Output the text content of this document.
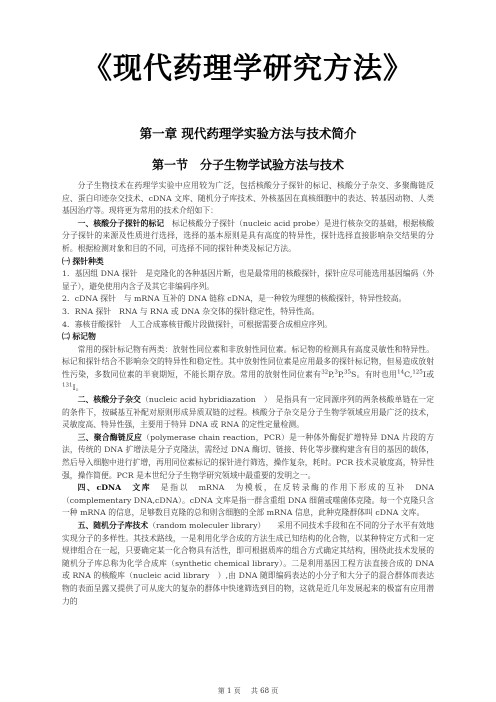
《现代药理学研究方法》
第一章 现代药理学实验方法与技术简介
第一节　分子生物学试验方法与技术

分子生物技术在药理学实验中应用较为广泛，包括核酸分子探针的标记、核酸分子杂交、多聚酶链反应、蛋白印迹杂交技术、cDNA 文库、随机分子库技术、外核基因在真核细胞中的表达、转基因动物、人类基因治疗等。现将更为常用的技术介绍如下：

一、核酸分子探针的标记　标记核酸分子探针（nucleic acid probe）是进行核杂交的基础，根据核酸分子探针的来源及性质进行选择，选择的基本原则是具有高度的特异性，探针选择直接影响杂交结果的分析。根据检测对象和目的不同，可选择不同的探针种类及标记方法。

㈠ 探针种类

1．基因组 DNA 探针　是克隆化的各种基因片断，也是最常用的核酸探针，探针应尽可能选用基因编码（外显子），避免使用内含子及其它非编码序列。

2．cDNA 探针　与 mRNA 互补的 DNA 链称 cDNA，是一种较为理想的核酸探针，特异性较高。

3．RNA 探针　RNA 与 RNA 或 DNA 杂交体的探针稳定性，特异性高。

4．寡核苷酸探针　人工合成寡核苷酸片段做探针，可根据需要合成相应序列。

㈡ 标记物

常用的探针标记物有两类：放射性同位素和非放射性同位素。标记物的检测具有高度灵敏性和特异性。标记和探针结合不影响杂交的特异性和稳定性。其中放射性同位素是应用最多的探针标记物，但易造成放射性污染，多数同位素的半衰期短，不能长期存放。常用的放射性同位素有$^{32}$P,$^3$P,$^{35}$S。有时也用$^{14}$C,$^{125}$I或$^{131}$I。

二、核酸分子杂交（nucleic acid hybridiazation　）　是指具有一定同源序列的两条核酸单链在一定的条件下，按碱基互补配对原则形成异质双链的过程。核酸分子杂交是分子生物学领域应用最广泛的技术，灵敏度高、特异性强，主要用于特异 DNA 或 RNA 的定性定量检测。

三、聚合酶链反应（polymerase chain reaction，PCR）是一种体外酶促扩增特异 DNA 片段的方法，传统的 DNA 扩增法是分子克隆法，需经过 DNA 酶切、链接、转化等步骤构建含有目的基因的载体，然后导入细胞中进行扩增，再用同位素标记的探针进行筛选，操作复杂，耗时。PCR 技术灵敏度高，特异性强，操作简便。PCR 是本世纪分子生物学研究领域中最重要的发明之一。

四、cDNA　文库　是指以　mRNA　为模板，在反转录酶的作用下形成的互补　DNA（complementary DNA,cDNA）。cDNA 文库是指一群含重组 DNA 细菌或噬菌体克隆。每一个克隆只含一种 mRNA 的信息，足够数目克隆的总和则含细胞的全部 mRNA 信息，此种克隆群体叫 cDNA 文库。

五、随机分子库技术（random moleculer library）　　采用不同技术手段和在不同的分子水平有效地实现分子的多样性。其技术路线，一是利用化学合成的方法生成已知结构的化合物，以某种特定方式和一定规律组合在一起，只要确定某一化合物具有活性，即可根据质库的组合方式确定其结构，围绕此技术发展的随机分子库总称为化学合成库（synthetic chemical library）。二是利用基因工程方法直接合成的 DNA 或 RNA 的核酸库（nucleic acid library　）,由 DNA 随即编码表达的小分子和大分子的混合群体而表达物的表面呈露又提供了可从庞大的复杂的群体中快速筛选到目的物，这就是近几年发展起来的极富有应用潜力的

第 1 页 共 68 页
